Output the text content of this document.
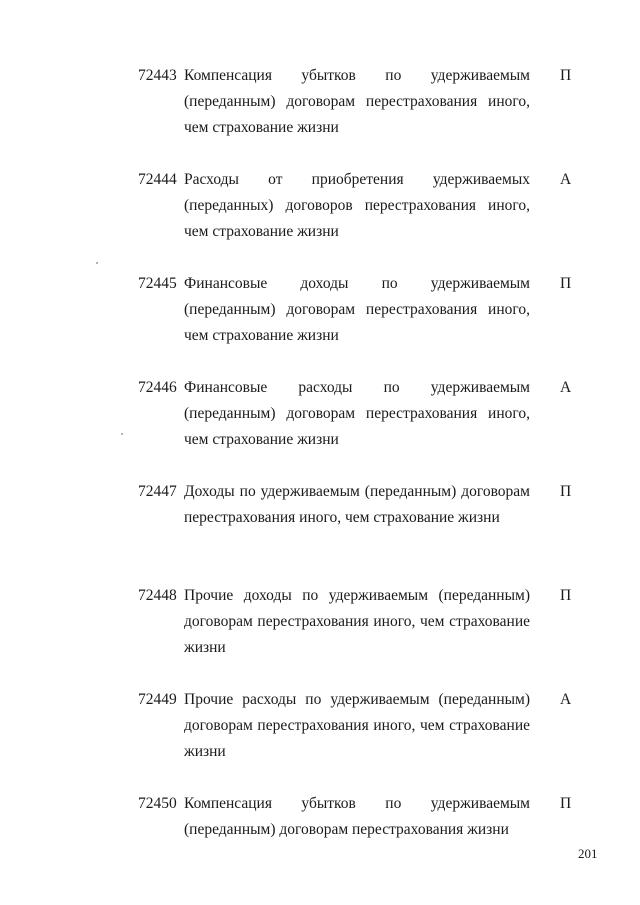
72443 Компенсация убытков по удерживаемым (переданным) договорам перестрахования иного, чем страхование жизни
П
72444 Расходы от приобретения удерживаемых (переданных) договоров перестрахования иного, чем страхование жизни
А
72445 Финансовые доходы по удерживаемым (переданным) договорам перестрахования иного, чем страхование жизни
П
72446 Финансовые расходы по удерживаемым (переданным) договорам перестрахования иного, чем страхование жизни
А
72447 Доходы по удерживаемым (переданным) договорам перестрахования иного, чем страхование жизни
П
72448 Прочие доходы по удерживаемым (переданным) договорам перестрахования иного, чем страхование жизни
П
72449 Прочие расходы по удерживаемым (переданным) договорам перестрахования иного, чем страхование жизни
А
72450 Компенсация убытков по удерживаемым (переданным) договорам перестрахования жизни
П
201
